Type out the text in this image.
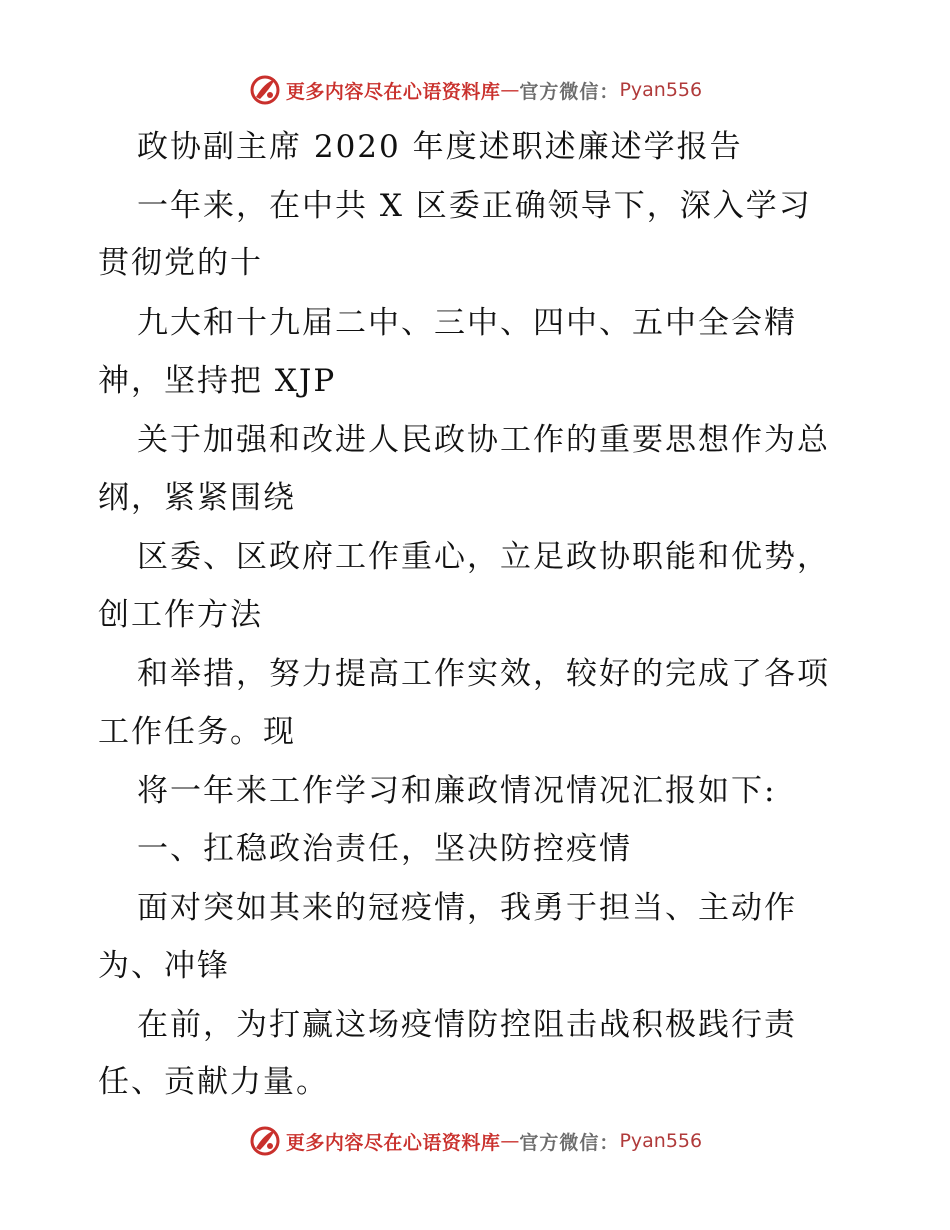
更多内容尽在心语资料库 — 官方微信： Pyan556
政协副主席 2020 年度述职述廉述学报告
一年来，在中共 X 区委正确领导下，深入学习
贯彻党的十
九大和十九届二中、三中、四中、五中全会精
神，坚持把 XJP
关于加强和改进人民政协工作的重要思想作为总
纲，紧紧围绕
区委、区政府工作重心，立足政协职能和优势，
创工作方法
和举措，努力提高工作实效，较好的完成了各项
工作任务。现
将一年来工作学习和廉政情况情况汇报如下:
一、扛稳政治责任，坚决防控疫情
面对突如其来的冠疫情，我勇于担当、主动作
为、冲锋
在前，为打赢这场疫情防控阻击战积极践行责
任、贡献力量。
更多内容尽在心语资料库 — 官方微信： Pyan556
